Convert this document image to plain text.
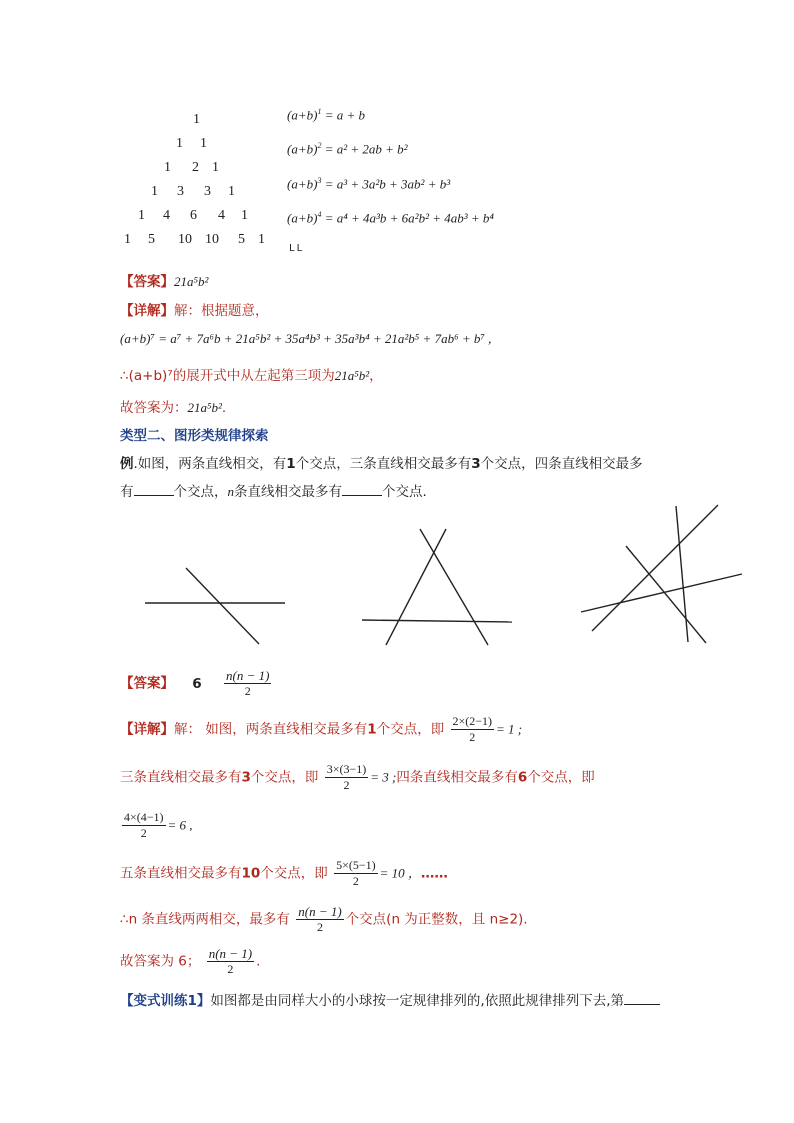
1
1 1
1 2 1
1 3 3 1
1 4 6 4 1
1 5 10 10 5 1
$(a+b)^1 = a + b$
$(a+b)^2 = a^2 + 2ab + b^2$
$(a+b)^3 = a^3 + 3a^2b + 3ab^2 + b^3$
$(a+b)^4 = a^4 + 4a^3b + 6a^2b^2 + 4ab^3 + b^4$
LL
【答案】21a⁵b²
【详解】解：根据题意，
(a+b)⁷ = a⁷ + 7a⁶b + 21a⁵b² + 35a⁴b³ + 35a³b⁴ + 21a²b⁵ + 7ab⁶ + b⁷ ,
∴(a+b)⁷的展开式中从左起第三项为21a⁵b²，
故答案为：21a⁵b².
类型二、图形类规律探索
例.如图，两条直线相交，有1个交点，三条直线相交最多有3个交点，四条直线相交最多
有	个交点，n条直线相交最多有	个交点.
【答案】 $6 \frac{n(n - 1)}{2}$
【详解】解： 如图，两条直线相交最多有1个交点，即 $\frac{2\times(2-1)}{2} = 1$ ;
三条直线相交最多有3个交点，即 $\frac{3\times(3-1)}{2} = 3$ ;四条直线相交最多有6个交点，即
$\frac{4\times(4-1)}{2} = 6$ ,
五条直线相交最多有10个交点，即 $\frac{5\times(5-1)}{2} = 10$ ，……
∴n 条直线两两相交，最多有 $\frac{n(n - 1)}{2}$ 个交点(n 为正整数，且 n≥2).
故答案为 6； $\frac{n(n - 1)}{2}$ .
【变式训练1】如图都是由同样大小的小球按一定规律排列的,依照此规律排列下去,第
